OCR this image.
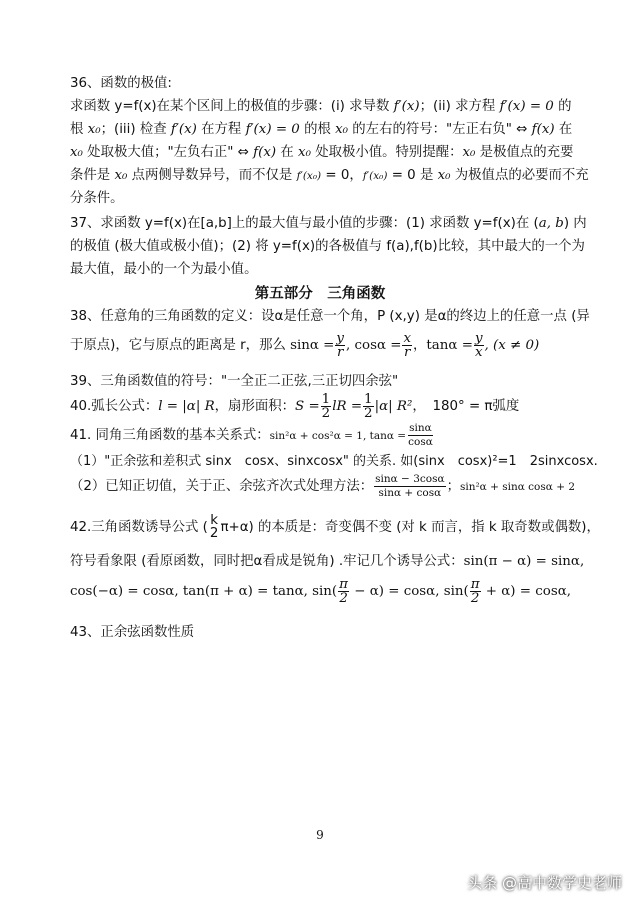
36、函数的极值:
求函数 y=f(x)在某个区间上的极值的步骤：(i) 求导数 f′(x)；(ii) 求方程 f′(x) = 0 的
根 x₀；(iii) 检查 f′(x) 在方程 f′(x) = 0 的根 x₀ 的左右的符号："左正右负" ⇔ f(x) 在
x₀ 处取极大值；"左负右正" ⇔ f(x) 在 x₀ 处取极小值。特别提醒：x₀ 是极值点的充要
条件是 x₀ 点两侧导数异号，而不仅是 f′(x₀) = 0，f′(x₀) = 0 是 x₀ 为极值点的必要而不充
分条件。
37、求函数 y=f(x)在[a,b]上的最大值与最小值的步骤：(1) 求函数 y=f(x)在 (a, b) 内
的极值 (极大值或极小值)；(2) 将 y=f(x)的各极值与 f(a),f(b)比较，其中最大的一个为
最大值，最小的一个为最小值。
第五部分　三角函数
38、任意角的三角函数的定义：设α是任意一个角，P (x,y) 是α的终边上的任意一点 (异
于原点)，它与原点的距离是 r，那么 $\sin\alpha = \frac{y}{r}$ , $\cos\alpha = \frac{x}{r}$ ，$\tan\alpha = \frac{y}{x}$ , (x ≠ 0)
39、三角函数值的符号："一全正二正弦,三正切四余弦"
40.弧长公式：l = |α| R，扇形面积：$S = \frac{1}{2}$ lR = $\frac{1}{2} |\alpha|$ R²，　180° = π弧度
41. 同角三角函数的基本关系式：sin²α + cos²α = 1, $\tan\alpha = \frac{\sin\alpha}{\cos\alpha}$
（1）"正余弦和差积式 sinx　cosx、sinxcosx" 的关系. 如(sinx　cosx)²=1　2sinxcosx.
（2）已知正切值，关于正、余弦齐次式处理方法： $\frac{\sin\alpha - 3\cos\alpha}{\sin\alpha + \cos\alpha}$ ；sin²α + sinα cosα + 2
42.三角函数诱导公式 ( k
2 π+α) 的本质是：奇变偶不变 (对 k 而言，指 k 取奇数或偶数)，
符号看象限 (看原函数，同时把α看成是锐角) .牢记几个诱导公式：sin(π − α) = sinα,
cos(−α) = cosα, tan(π + α) = tanα, $\sin( \frac{\pi}{2} - \alpha) = \cos\alpha$, $\sin( \frac{\pi}{2} + \alpha) = \cos\alpha$,
43、正余弦函数性质
9
头条 @高中数学史老师
